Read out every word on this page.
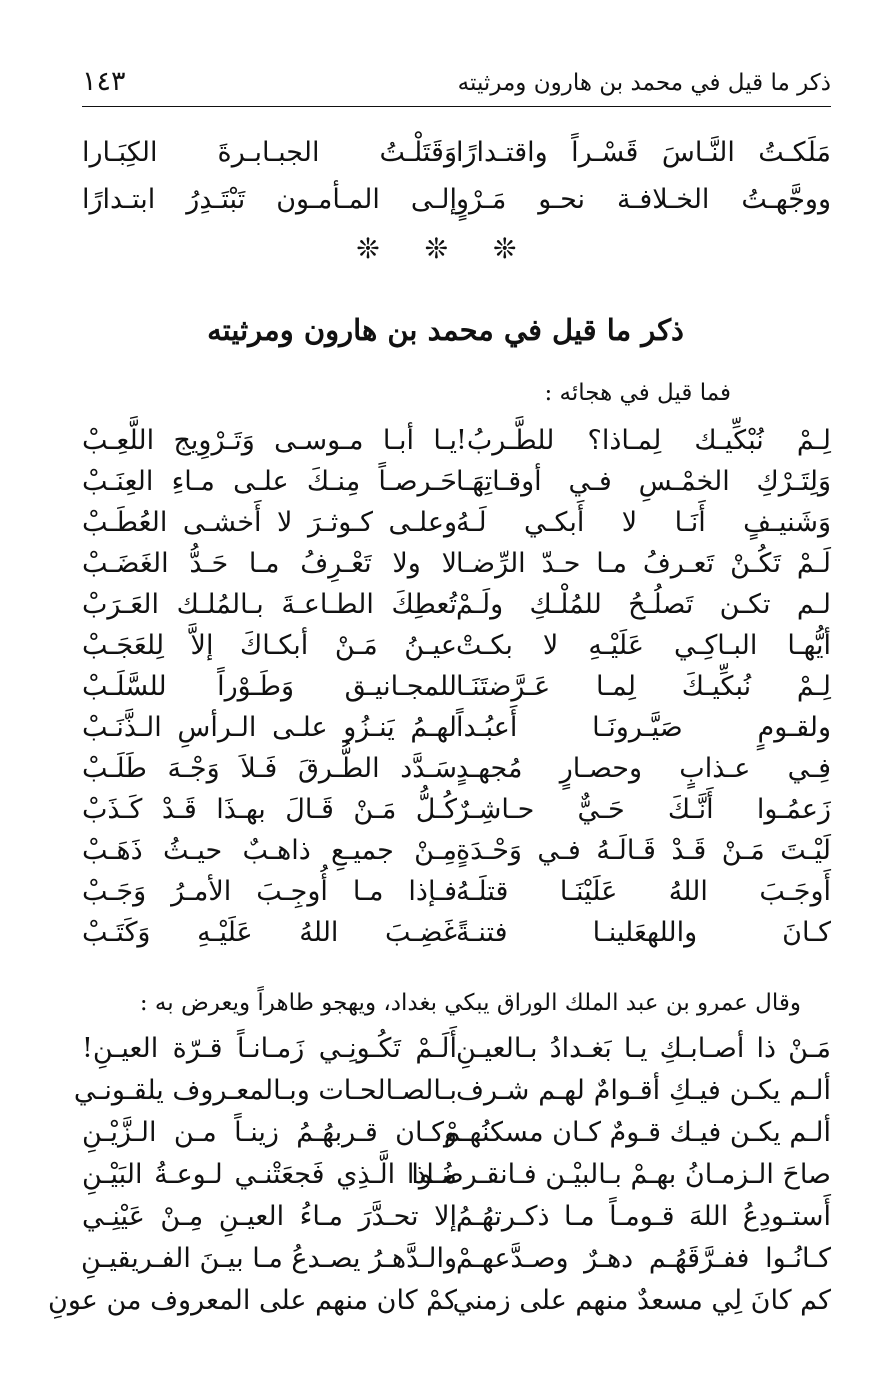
ذكر ما قيل في محمد بن هارون ومرثيته
١٤٣
مَلَكـتُ النَّـاسَ قَسْـراً واقتـدارًا
وَقَتَلْـتُ الجبـابـرةَ الكِبَـارا
ووجَّهـتُ الخـلافـة نحـو مَـرْوٍ
إلـى المـأمـون تَبْتَـدِرُ ابتـدارًا
❊ ❊ ❊
ذكر ما قيل في محمد بن هارون ومرثيته
فما قيل في هجائه :
لِـمْ نُبْكِّيـك لِمـاذا؟ للطَّـربُ!
يـا أبـا مـوسـى وَتَـرْوِيج اللَّعِـبْ
وَلِتَـرْكِ الخمْـسِ فـي أوقـاتِهَـا
حَـرصـاً مِنـكَ علـى مـاءِ العِنَـبْ
وَشَنيـفٍ أَنَـا لا أَبكـي لَـهُ
وعلـى كـوثـرَ لا أَخشـى العُطَـبْ
لَـمْ تَكُـنْ تَعـرفُ مـا حـدّ الرِّضـا
لا ولا تَعْـرِفُ مـا حَـدُّ الغَضَـبْ
لـم تكـن تَصلُـحُ للمُلْـكِ ولَـمْ
تُعطِكَ الطـاعـةَ بـالمُلـك العَـرَبْ
أيُّهـا البـاكِـي عَلَيْـهِ لا بكـتْ
عيـنُ مَـنْ أبكـاكَ إلاَّ لِلعَجَـبْ
لِـمْ نُبكِّيـكَ لِمـا عَـرَّضتَنَـا
للمجـانيـق وَطَـوْراً للسَّلَـبْ
ولقـومٍ صَيَّـرونَـا أَعبُـداً
لهـمُ يَنـزُو علـى الـرأسِ الـذَّنَـبْ
فِـي عـذابٍ وحصـارٍ مُجهـدٍ
سَـدَّد الطُّـرقَ فَـلاَ وَجْـهَ طَلَـبْ
زَعمُـوا أَنَّـكَ حَـيٌّ حـاشِـرٌ
كُـلُّ مَـنْ قَـالَ بهـذَا قَـدْ كَـذَبْ
لَيْـتَ مَـنْ قَـدْ قَـالَـهُ فـي وَحْـدَةٍ
مِـنْ جميـعِ ذاهـبٌ حيـثُ ذَهَـبْ
أَوجَـبَ اللهُ عَلَيْنَـا قتلَـهُ
فـإذا مـا أُوجِـبَ الأمـرُ وَجَـبْ
كـانَ واللهعَلينـا فتنـةً
غَضِـبَ اللهُ عَلَيْـهِ وَكَتَـبْ
وقال عمرو بن عبد الملك الوراق يبكي بغداد، ويهجو طاهراً ويعرض به :
مَـنْ ذا أصـابـكِ يـا بَغـدادُ بـالعيـنِ
أَلَـمْ تَكُـونِـي زَمـانـاً قـرّة العيـنِ!
ألـم يكـن فيـكِ أقـوامٌ لهـم شـرف
بـالصـالحـات وبـالمعـروف يلقـونـي
ألـم يكـن فيـك قـومٌ كـان مسكنُهـمْ
وكـان قـربهُـمُ زينـاً مـن الـزَّيْـنِ
صاحَ الـزمـانُ بهـمْ بـالبيْـن فـانقـرضُـوا
مـاذا الَّـذِي فَجعَتْنـي لـوعـةُ البَيْـنِ
أَستـودِعُ اللهَ قـومـاً مـا ذكـرتهُـمُ
إلا تحـدَّرَ مـاءُ العيـنِ مِـنْ عَيْنِـي
كـانُـوا ففـرَّقَهُـم دهـرٌ وصـدَّعهـمْ
والـدَّهـرُ يصـدعُ مـا بيـنَ الفـريقيـنِ
كم كانَ لِي مسعدٌ منهم على زمني
كمْ كان منهم على المعروف من عونِ
